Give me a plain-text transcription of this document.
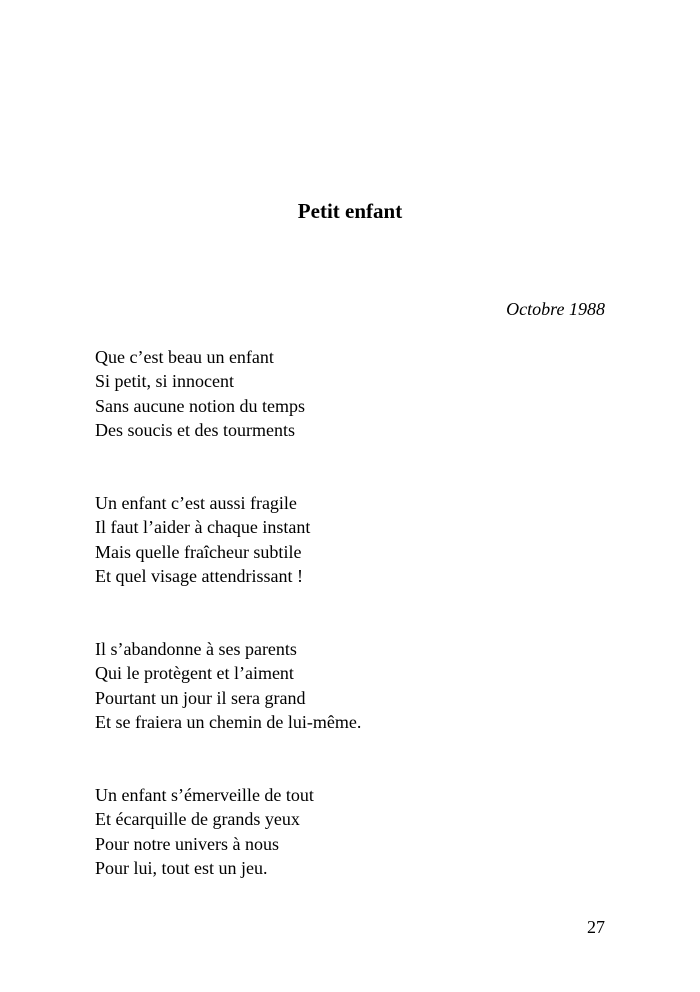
Petit enfant
Octobre 1988
Que c’est beau un enfant
Si petit, si innocent
Sans aucune notion du temps
Des soucis et des tourments
Un enfant c’est aussi fragile
Il faut l’aider à chaque instant
Mais quelle fraîcheur subtile
Et quel visage attendrissant !
Il s’abandonne à ses parents
Qui le protègent et l’aiment
Pourtant un jour il sera grand
Et se fraiera un chemin de lui-même.
Un enfant s’émerveille de tout
Et écarquille de grands yeux
Pour notre univers à nous
Pour lui, tout est un jeu.
27
